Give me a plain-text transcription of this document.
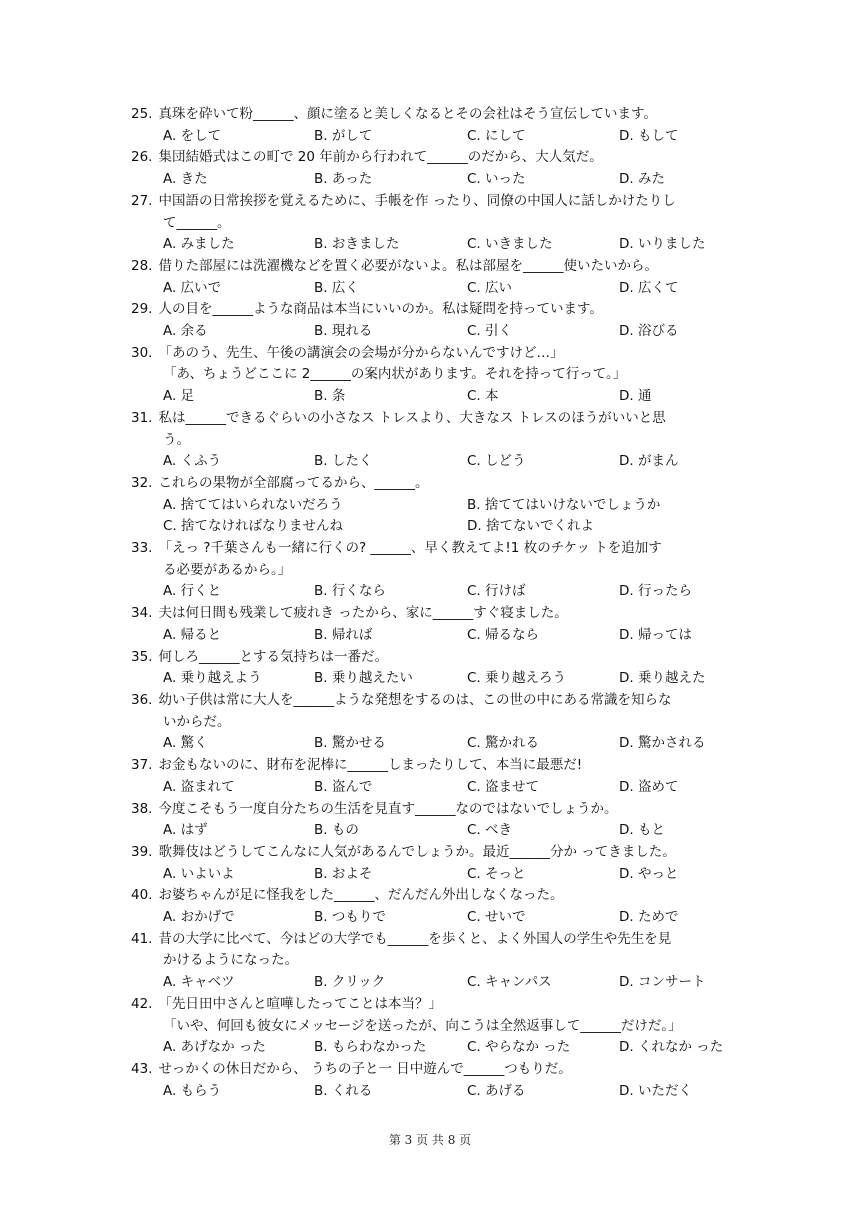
25. 真珠を砕いて粉______、顔に塗ると美しくなるとその会社はそう宣伝しています。
A. をして	B. がして	C. にして	D. もして
26. 集団結婚式はこの町で 20 年前から行われて______のだから、大人気だ。
A. きた	B. あった	C. いった	D. みた
27. 中国語の日常挨拶を覚えるために、手帳を作 ったり、同僚の中国人に話しかけたりし
て______。
A. みました	B. おきました	C. いきました	D. いりました
28. 借りた部屋には洗濯機などを置く必要がないよ。私は部屋を______使いたいから。
A. 広いで	B. 広く	C. 広い	D. 広くて
29. 人の目を______ような商品は本当にいいのか。私は疑問を持っています。
A. 余る	B. 現れる	C. 引く	D. 浴びる
30. 「あのう、先生、午後の講演会の会場が分からないんですけど…」
「あ、ちょうどここに 2______の案内状があります。それを持って行って。」
A. 足	B. 条	C. 本	D. 通
31. 私は______できるぐらいの小さなス トレスより、大きなス トレスのほうがいいと思
う。
A. くふう	B. したく	C. しどう	D. がまん
32. これらの果物が全部腐ってるから、______。
A. 捨ててはいられないだろう	B. 捨ててはいけないでしょうか
C. 捨てなければなりませんね	D. 捨てないでくれよ
33. 「えっ ?千葉さんも一緒に行くの? ______、早く教えてよ!1 枚のチケッ トを追加す
る必要があるから。」
A. 行くと	B. 行くなら	C. 行けば	D. 行ったら
34. 夫は何日間も残業して疲れき ったから、家に______すぐ寝ました。
A. 帰ると	B. 帰れば	C. 帰るなら	D. 帰っては
35. 何しろ______とする気持ちは一番だ。
A. 乗り越えよう	B. 乗り越えたい	C. 乗り越えろう	D. 乗り越えた
36. 幼い子供は常に大人を______ような発想をするのは、この世の中にある常識を知らな
いからだ。
A. 驚く	B. 驚かせる	C. 驚かれる	D. 驚かされる
37. お金もないのに、財布を泥棒に______しまったりして、本当に最悪だ!
A. 盗まれて	B. 盗んで	C. 盗ませて	D. 盗めて
38. 今度こそもう一度自分たちの生活を見直す______なのではないでしょうか。
A. はず	B. もの	C. べき	D. もと
39. 歌舞伎はどうしてこんなに人気があるんでしょうか。最近______分か ってきました。
A. いよいよ	B. およそ	C. そっと	D. やっと
40. お婆ちゃんが足に怪我をした______、だんだん外出しなくなった。
A. おかげで	B. つもりで	C. せいで	D. ためで
41. 昔の大学に比べて、今はどの大学でも______を歩くと、よく外国人の学生や先生を見
かけるようになった。
A. キャベツ	B. クリック	C. キャンパス	D. コンサート
42. 「先日田中さんと喧嘩したってことは本当？」
「いや、何回も彼女にメッセージを送ったが、向こうは全然返事して______だけだ。」
A. あげなか った	B. もらわなかった	C. やらなか った	D. くれなか った
43. せっかくの休日だから、 うちの子と一 日中遊んで______つもりだ。
A. もらう	B. くれる	C. あげる	D. いただく
第 3 页 共 8 页
